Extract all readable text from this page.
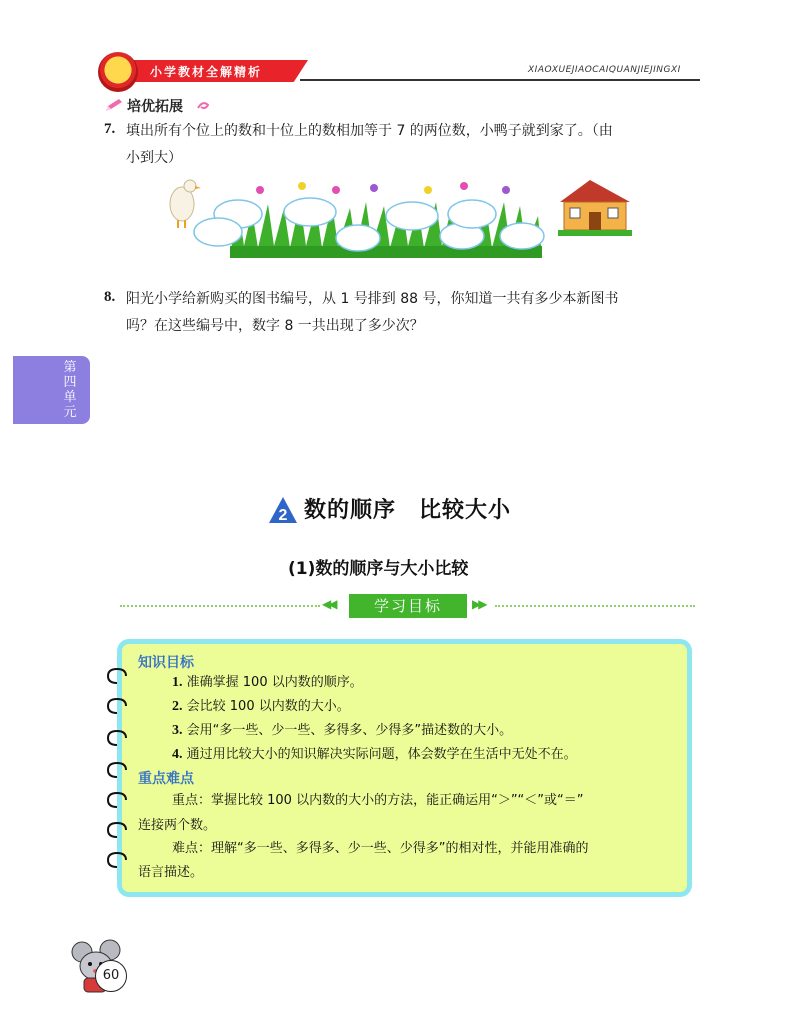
小学教材全解精析	XIAOXUEJIAOCAIQUANJIEJINGXI
培优拓展
7. 填出所有个位上的数和十位上的数相加等于 7 的两位数，小鸭子就到家了。（由
小到大）
8. 阳光小学给新购买的图书编号，从 1 号排到 88 号，你知道一共有多少本新图书
吗？在这些编号中，数字 8 一共出现了多少次？
第
四
单
元
2 数的顺序　比较大小
(1)数的顺序与大小比较
◀◀	学习目标	▶▶
知识目标
1. 准确掌握 100 以内数的顺序。
2. 会比较 100 以内数的大小。
3. 会用“多一些、少一些、多得多、少得多”描述数的大小。
4. 通过用比较大小的知识解决实际问题，体会数学在生活中无处不在。
重点难点
重点：掌握比较 100 以内数的大小的方法，能正确运用“＞”“＜”或“＝”
连接两个数。
难点：理解“多一些、多得多、少一些、少得多”的相对性，并能用准确的
语言描述。
60
